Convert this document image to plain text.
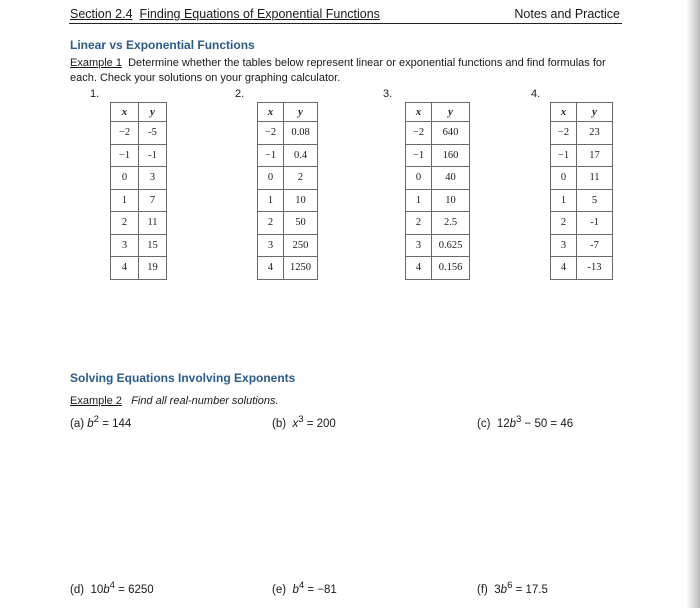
Section 2.4 Finding Equations of Exponential Functions	Notes and Practice
Linear vs Exponential Functions
Example 1 Determine whether the tables below represent linear or exponential functions and find formulas for each. Check your solutions on your graphing calculator.
1.	2.	3.	4.
x	y
−2	-5
−1	-1
0	3
1	7
2	11
3	15
4	19
x	y
−2	0.08
−1	0.4
0	2
1	10
2	50
3	250
4	1250
x	y
−2	640
−1	160
0	40
1	10
2	2.5
3	0.625
4	0.156
x	y
−2	23
−1	17
0	11
1	5
2	-1
3	-7
4	-13
Solving Equations Involving Exponents
Example 2 Find all real-number solutions.
(a) $b^2 = 144$	(b) $x^3 = 200$	(c) $12b^3 - 50 = 46$
(d) $10b^4 = 6250$	(e) $b^4 = -81$	(f) $3b^6 = 17.5$
